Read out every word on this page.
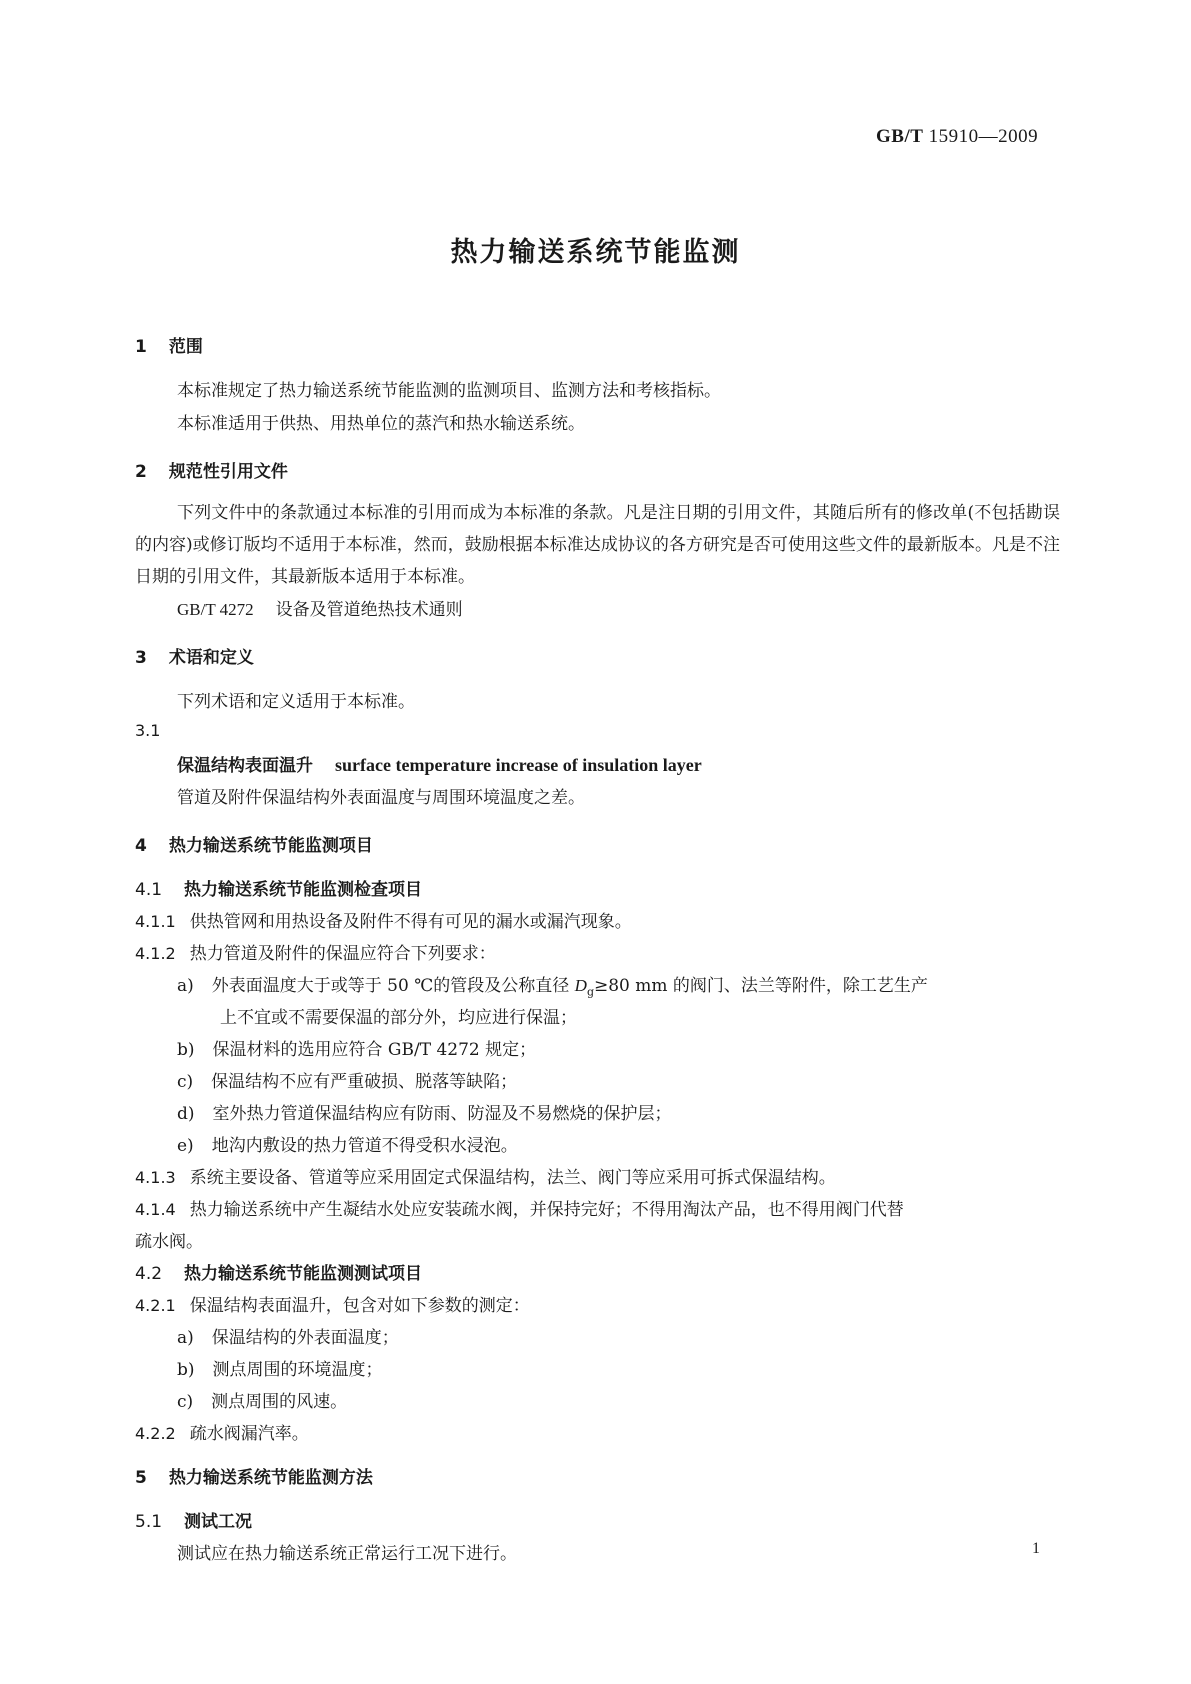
GB/T 15910—2009
热力输送系统节能监测
1 范围
本标准规定了热力输送系统节能监测的监测项目、监测方法和考核指标。
本标准适用于供热、用热单位的蒸汽和热水输送系统。
2 规范性引用文件
下列文件中的条款通过本标准的引用而成为本标准的条款。凡是注日期的引用文件，其随后所有的修改单(不包括勘误的内容)或修订版均不适用于本标准，然而，鼓励根据本标准达成协议的各方研究是否可使用这些文件的最新版本。凡是不注日期的引用文件，其最新版本适用于本标准。
GB/T 4272 设备及管道绝热技术通则
3 术语和定义
下列术语和定义适用于本标准。
3.1
保温结构表面温升 surface temperature increase of insulation layer
管道及附件保温结构外表面温度与周围环境温度之差。
4 热力输送系统节能监测项目
4.1 热力输送系统节能监测检查项目
4.1.1 供热管网和用热设备及附件不得有可见的漏水或漏汽现象。
4.1.2 热力管道及附件的保温应符合下列要求：
a) 外表面温度大于或等于 50 ℃的管段及公称直径 $D_g\ge 80$ mm 的阀门、法兰等附件，除工艺生产
上不宜或不需要保温的部分外，均应进行保温；
b) 保温材料的选用应符合 GB/T 4272 规定；
c) 保温结构不应有严重破损、脱落等缺陷；
d) 室外热力管道保温结构应有防雨、防湿及不易燃烧的保护层；
e) 地沟内敷设的热力管道不得受积水浸泡。
4.1.3 系统主要设备、管道等应采用固定式保温结构，法兰、阀门等应采用可拆式保温结构。
4.1.4 热力输送系统中产生凝结水处应安装疏水阀，并保持完好；不得用淘汰产品，也不得用阀门代替
疏水阀。
4.2 热力输送系统节能监测测试项目
4.2.1 保温结构表面温升，包含对如下参数的测定：
a) 保温结构的外表面温度；
b) 测点周围的环境温度；
c) 测点周围的风速。
4.2.2 疏水阀漏汽率。
5 热力输送系统节能监测方法
5.1 测试工况
测试应在热力输送系统正常运行工况下进行。	1
